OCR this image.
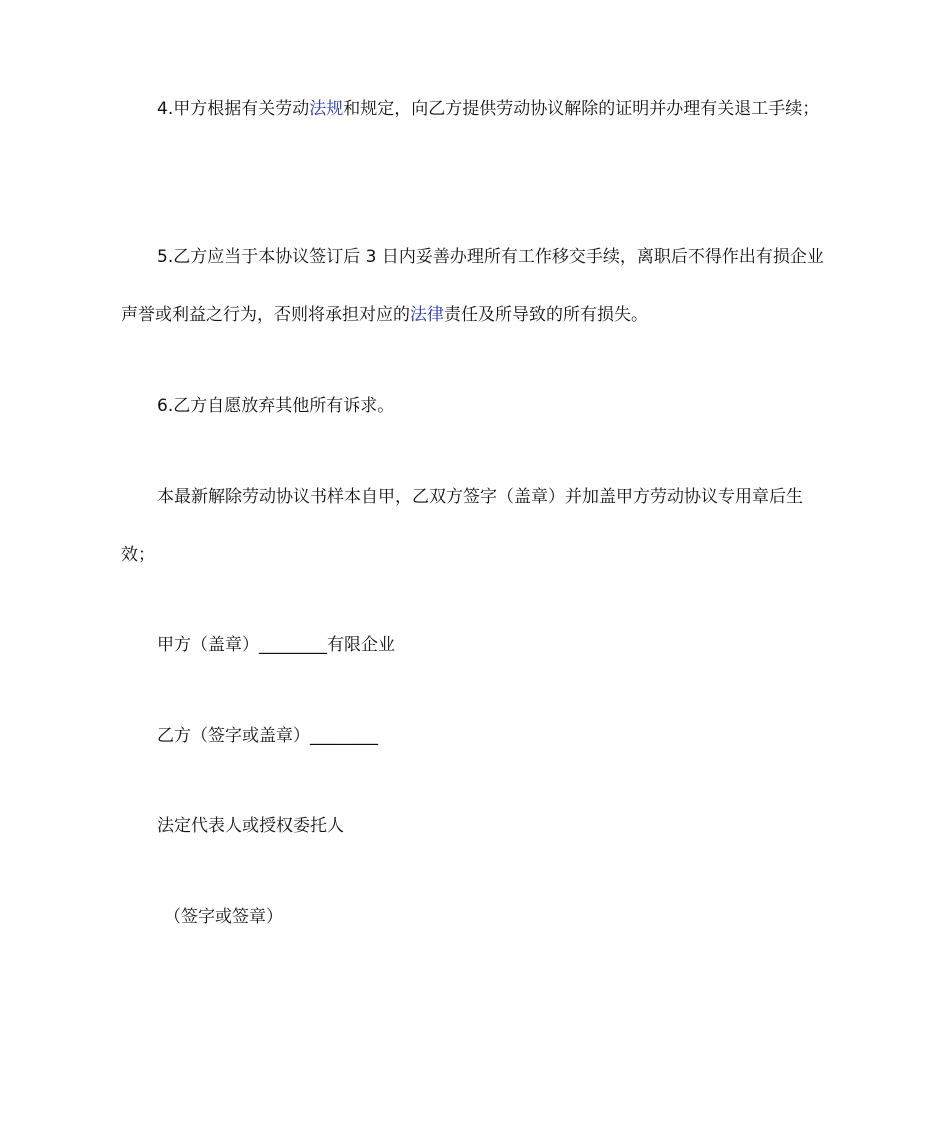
4.甲方根据有关劳动法规和规定，向乙方提供劳动协议解除的证明并办理有关退工手续；

5.乙方应当于本协议签订后 3 日内妥善办理所有工作移交手续，离职后不得作出有损企业声誉或利益之行为，否则将承担对应的法律责任及所导致的所有损失。

6.乙方自愿放弃其他所有诉求。

本最新解除劳动协议书样本自甲，乙双方签字（盖章）并加盖甲方劳动协议专用章后生效；

甲方（盖章）________有限企业

乙方（签字或盖章）________

法定代表人或授权委托人

（签字或签章）
